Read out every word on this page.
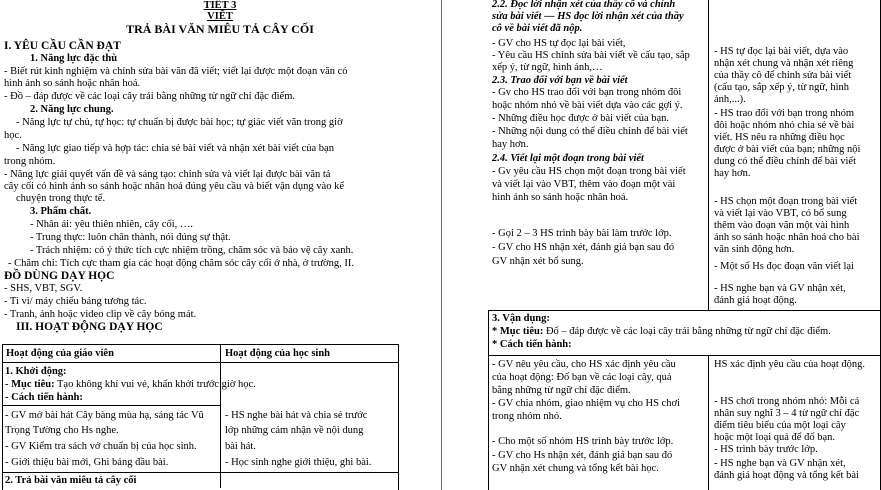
TIẾT 3
VIẾT
TRẢ BÀI VĂN MIÊU TẢ CÂY CỐI
I. YÊU CẦU CẦN ĐẠT
1. Năng lực đặc thù
- Biết rút kinh nghiệm và chỉnh sửa bài văn đã viết; viết lại được một đoạn văn có
hình ảnh so sánh hoặc nhân hoá.
- Đồ – đáp được về các loại cây trái bằng những từ ngữ chỉ đặc điểm.
2. Năng lực chung.
- Năng lực tự chủ, tự học: tự chuẩn bị được bài học; tự giác viết văn trong giờ
học.
- Năng lực giao tiếp và hợp tác: chia sẻ bài viết và nhận xét bài viết của bạn
trong nhóm.
- Năng lực giải quyết vấn đề và sáng tạo: chỉnh sửa và viết lại được bài văn tả
cây cối có hình ảnh so sánh hoặc nhân hoá đúng yêu cầu và biết vận dụng vào kể
chuyện trong thực tế.
3. Phẩm chất.
- Nhân ái: yêu thiên nhiên, cây cối, ….
- Trung thực: luôn chân thành, nói đúng sự thật.
- Trách nhiệm: có ý thức tích cực nhiệm trồng, chăm sóc và bảo vệ cây xanh.
- Chăm chỉ: Tích cực tham gia các hoạt động chăm sóc cây cối ở nhà, ở trường, II.
ĐỒ DÙNG DẠY HỌC
- SHS, VBT, SGV.
- Ti vi/ máy chiếu bảng tương tác.
- Tranh, ảnh hoặc video clip về cây bóng mát.
III. HOẠT ĐỘNG DẠY HỌC
Hoạt động của giáo viên	Hoạt động của học sinh
1. Khởi động:
- Mục tiêu: Tạo không khí vui vẻ, khấn khởi trước giờ học.
- Cách tiến hành:
- GV mở bài hát Cây bàng mùa hạ, sáng tác Vũ
Trọng Tường cho Hs nghe.
- GV Kiểm tra sách vở chuẩn bị của học sinh.
- Giới thiệu bài mới, Ghi bảng đầu bài.
- HS nghe bài hát và chia sẻ trước
lớp những cảm nhận về nội dung
bài hát.
- Học sinh nghe giới thiệu, ghi bài.
2. Trả bài văn miêu tả cây cối
2.2. Đọc lời nhận xét của thầy cô và chỉnh
sửa bài viết — HS đọc lời nhận xét của thầy
cô về bài viết đã nộp.
- GV cho HS tự đọc lại bài viết,
- Yêu cầu HS chỉnh sửa bài viết về cấu tạo, sắp
xếp ý, từ ngữ, hình ảnh,…
2.3. Trao đổi với bạn về bài viết
- Gv cho HS trao đổi với bạn trong nhóm đôi
hoặc nhóm nhỏ về bài viết dựa vào các gợi ý.
- Những điều học được ở bài viết của bạn.
- Những nội dung có thể điều chỉnh để bài viết
hay hơn.
2.4. Viết lại một đoạn trong bài viết
- Gv yêu cầu HS chọn một đoạn trong bài viết
và viết lại vào VBT, thêm vào đoạn một vài
hình ảnh so sánh hoặc nhân hoá.
- Gọi 2 – 3 HS trình bày bài làm trước lớp.
- GV cho HS nhận xét, đánh giá bạn sau đó
GV nhận xét bổ sung.
- HS tự đọc lại bài viết, dựa vào
nhận xét chung và nhận xét riêng
của thầy cô để chỉnh sửa bài viết
(cấu tạo, sắp xếp ý, từ ngữ, hình
ảnh,...).
- HS trao đổi với bạn trong nhóm
đôi hoặc nhóm nhỏ chia sẻ về bài
viết. HS nêu ra những điều học
được ở bài viết của bạn; những nội
dung có thể điều chỉnh để bài viết
hay hơn.
- HS chọn một đoạn trong bài viết
và viết lại vào VBT, có bổ sung
thêm vào đoạn văn một vài hình
ảnh so sánh hoặc nhân hoá cho bài
văn sinh động hơn.
- Một số Hs đọc đoạn văn viết lại
- HS nghe bạn và GV nhận xét,
đánh giá hoạt động.
3. Vận dụng:
* Mục tiêu: Đố – đáp được về các loại cây trái bằng những từ ngữ chỉ đặc điểm.
* Cách tiến hành:
- GV nêu yêu cầu, cho HS xác định yêu cầu
của hoạt động: Đố bạn về các loại cây, quả
bằng những từ ngữ chỉ đặc điểm.
- GV chia nhóm, giao nhiệm vụ cho HS chơi
trong nhóm nhỏ.
- Cho một số nhóm HS trình bày trước lớp.
- GV cho Hs nhận xét, đánh giá bạn sau đó
GV nhận xét chung và tổng kết bài học.
HS xác định yêu cầu của hoạt động.
- HS chơi trong nhóm nhỏ: Mỗi cá
nhân suy nghĩ 3 – 4 từ ngữ chỉ đặc
điểm tiêu biểu của một loại cây
hoặc một loại quả để đố bạn.
- HS trình bày trước lớp.
- HS nghe bạn và GV nhận xét,
đánh giá hoạt động và tổng kết bài
